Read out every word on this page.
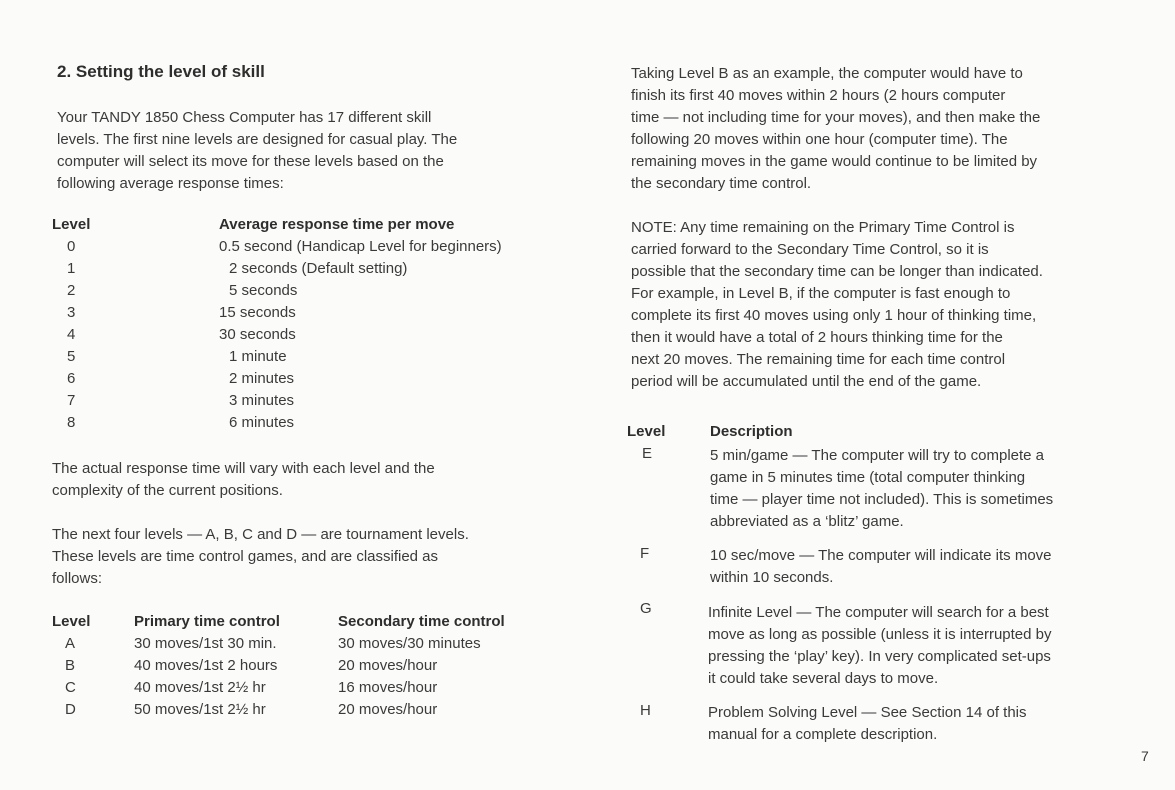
2. Setting the level of skill
Your TANDY 1850 Chess Computer has 17 different skill
levels. The first nine levels are designed for casual play. The
computer will select its move for these levels based on the
following average response times:
Level	Average response time per move
0	0.5 second (Handicap Level for beginners)
1	2 seconds (Default setting)
2	5 seconds
3	15 seconds
4	30 seconds
5	1 minute
6	2 minutes
7	3 minutes
8	6 minutes
The actual response time will vary with each level and the
complexity of the current positions.
The next four levels — A, B, C and D — are tournament levels.
These levels are time control games, and are classified as
follows:
Level	Primary time control	Secondary time control
A	30 moves/1st 30 min.	30 moves/30 minutes
B	40 moves/1st 2 hours	20 moves/hour
C	40 moves/1st 2½ hr	16 moves/hour
D	50 moves/1st 2½ hr	20 moves/hour
Taking Level B as an example, the computer would have to
finish its first 40 moves within 2 hours (2 hours computer
time — not including time for your moves), and then make the
following 20 moves within one hour (computer time). The
remaining moves in the game would continue to be limited by
the secondary time control.
NOTE: Any time remaining on the Primary Time Control is
carried forward to the Secondary Time Control, so it is
possible that the secondary time can be longer than indicated.
For example, in Level B, if the computer is fast enough to
complete its first 40 moves using only 1 hour of thinking time,
then it would have a total of 2 hours thinking time for the
next 20 moves. The remaining time for each time control
period will be accumulated until the end of the game.
Level	Description
E	5 min/game — The computer will try to complete a
game in 5 minutes time (total computer thinking
time — player time not included). This is sometimes
abbreviated as a ‘blitz’ game.
F	10 sec/move — The computer will indicate its move
within 10 seconds.
G	Infinite Level — The computer will search for a best
move as long as possible (unless it is interrupted by
pressing the ‘play’ key). In very complicated set-ups
it could take several days to move.
H	Problem Solving Level — See Section 14 of this
manual for a complete description.
7
